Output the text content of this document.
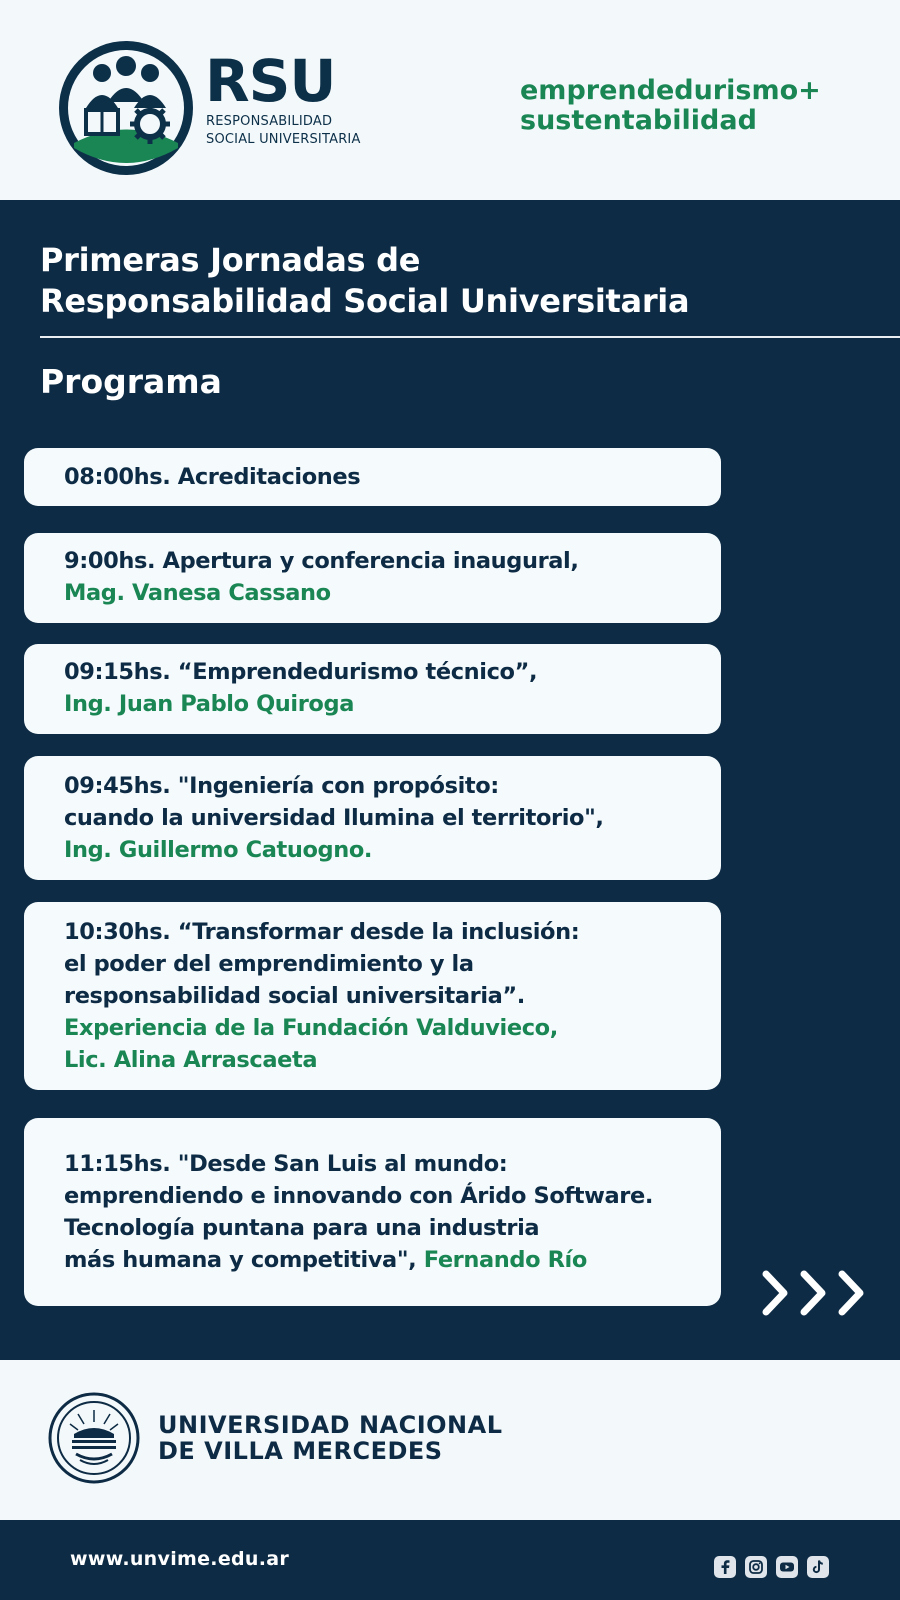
RSU
RESPONSABILIDAD
SOCIAL UNIVERSITARIA
emprendedurismo+
sustentabilidad
Primeras Jornadas de
Responsabilidad Social Universitaria
Programa
08:00hs. Acreditaciones
9:00hs. Apertura y conferencia inaugural,
Mag. Vanesa Cassano
09:15hs. “Emprendedurismo técnico”,
Ing. Juan Pablo Quiroga
09:45hs. "Ingeniería con propósito:
cuando la universidad Ilumina el territorio",
Ing. Guillermo Catuogno.
10:30hs. “Transformar desde la inclusión:
el poder del emprendimiento y la
responsabilidad social universitaria”.
Experiencia de la Fundación Valduvieco,
Lic. Alina Arrascaeta
11:15hs. "Desde San Luis al mundo:
emprendiendo e innovando con Árido Software.
Tecnología puntana para una industria
más humana y competitiva", Fernando Río
UNIVERSIDAD NACIONAL
DE VILLA MERCEDES
www.unvime.edu.ar
